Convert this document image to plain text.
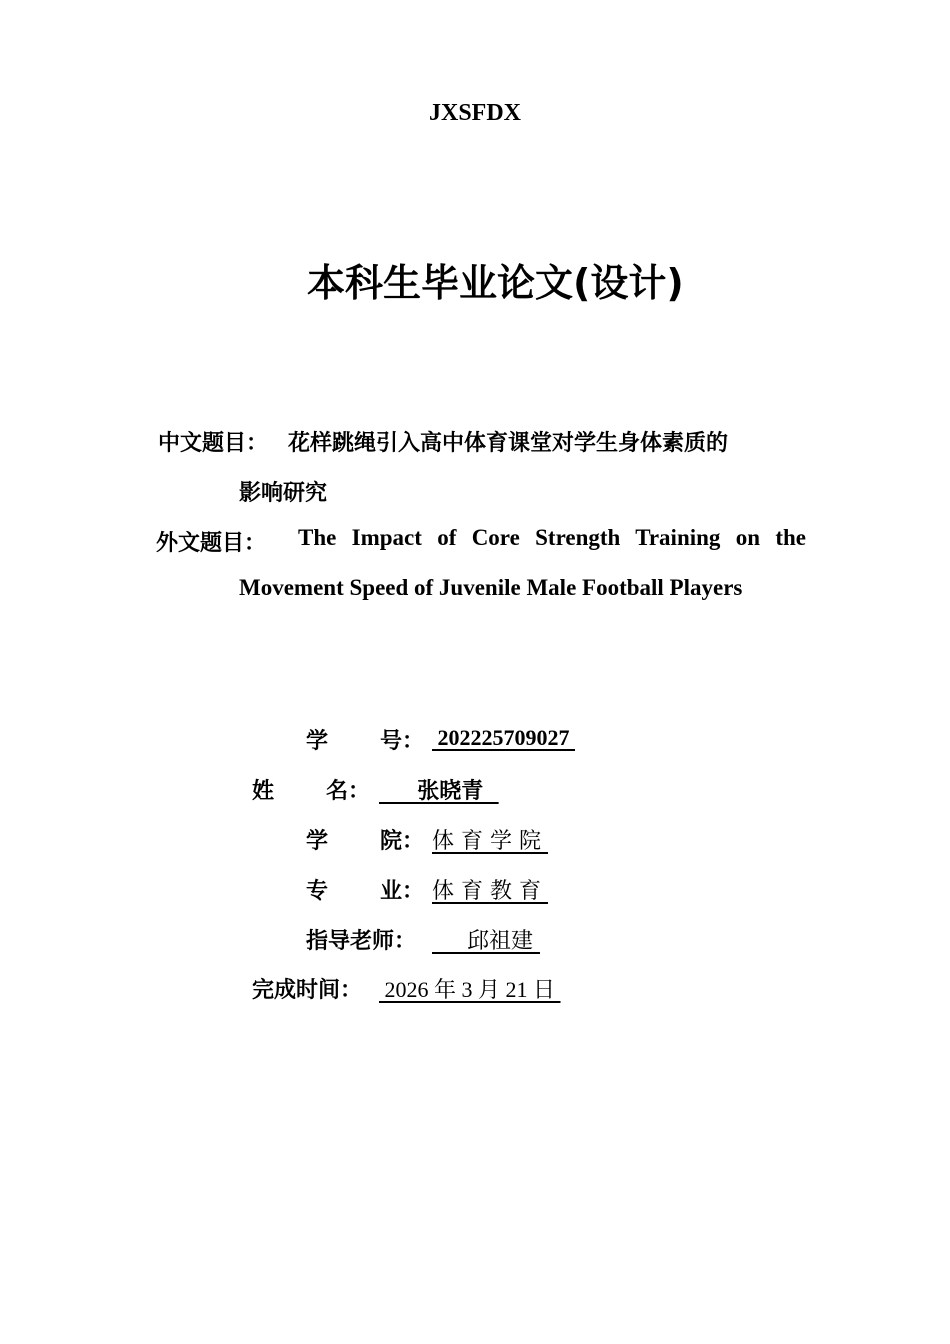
JXSFDX
本科生毕业论文(设计)
中文题目： 花样跳绳引入高中体育课堂对学生身体素质的
影响研究
外文题目： The Impact of Core Strength Training on the
Movement Speed of Juvenile Male Football Players
学 号： 202225709027
姓 名： 张晓青
学 院： 体 育 学 院
专 业： 体 育 教 育
指导老师： 邱祖建
完成时间： 2026 年 3 月 21 日
